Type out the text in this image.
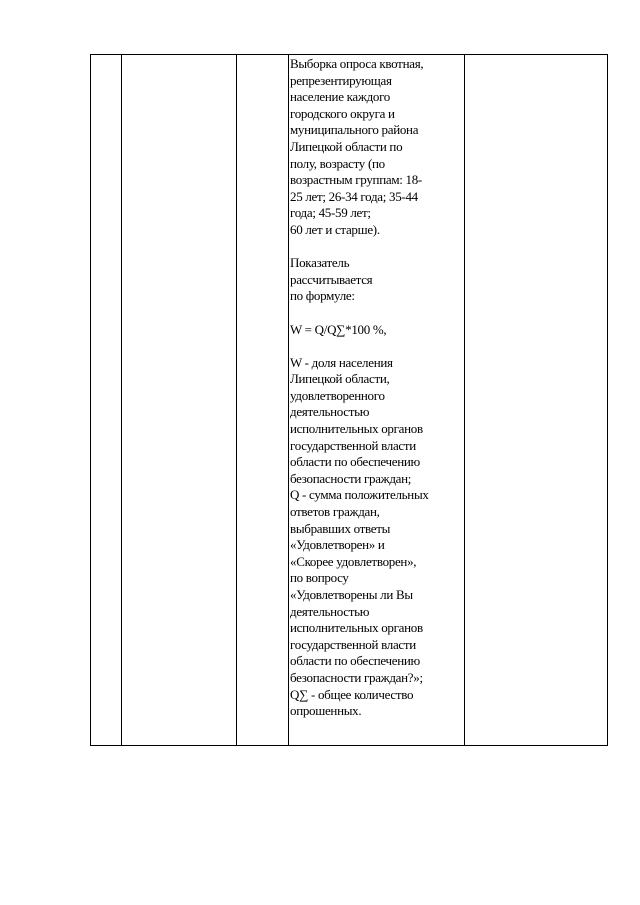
Выборка опроса квотная,
репрезентирующая
население каждого
городского округа и
муниципального района
Липецкой области по
полу, возрасту (по
возрастным группам: 18-
25 лет; 26-34 года; 35-44
года; 45-59 лет;
60 лет и старше).
Показатель
рассчитывается
по формуле:
W = Q/Q∑*100 %,
W - доля населения
Липецкой области,
удовлетворенного
деятельностью
исполнительных органов
государственной власти
области по обеспечению
безопасности граждан;
Q - сумма положительных
ответов граждан,
выбравших ответы
«Удовлетворен» и
«Скорее удовлетворен»,
по вопросу
«Удовлетворены ли Вы
деятельностью
исполнительных органов
государственной власти
области по обеспечению
безопасности граждан?»;
Q∑ - общее количество
опрошенных.
